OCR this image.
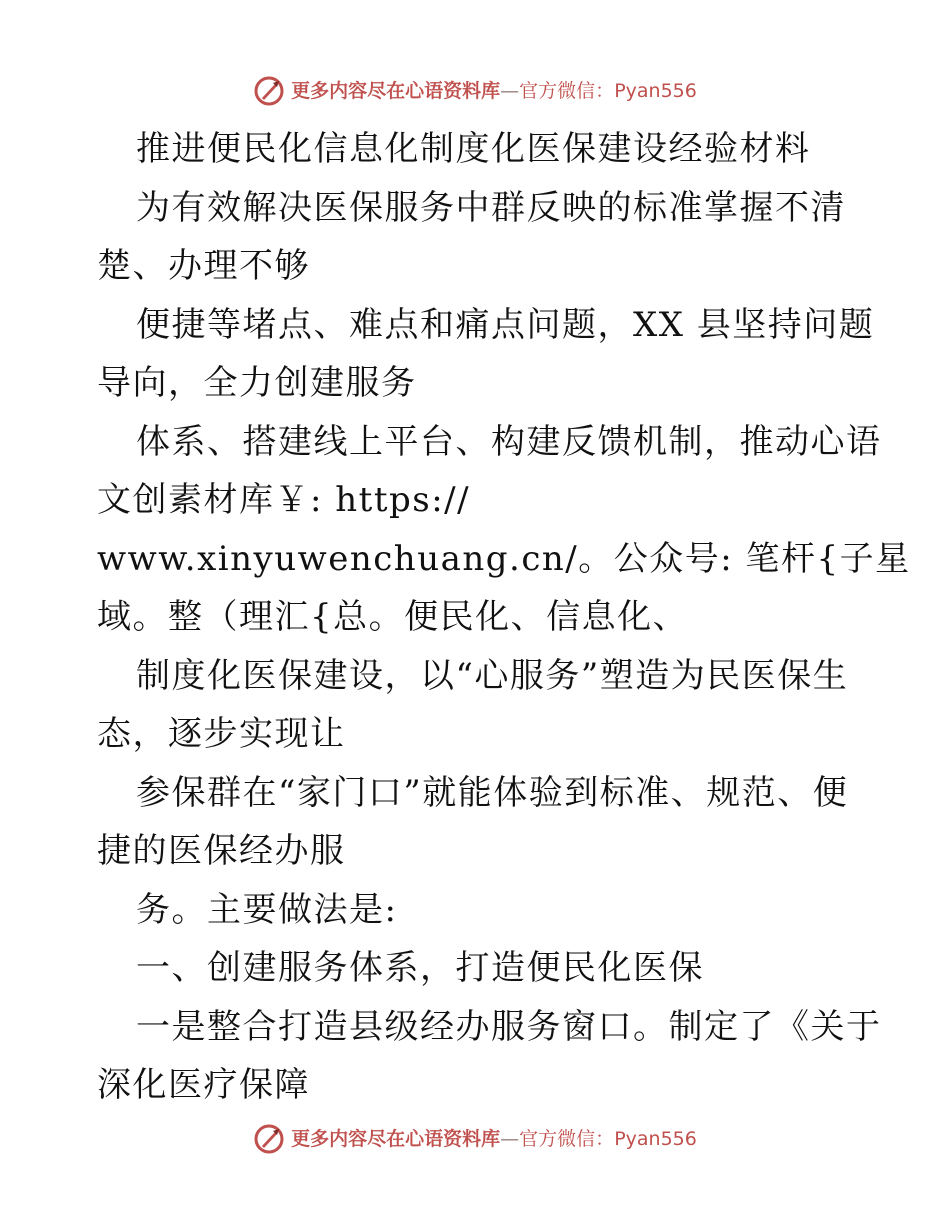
更多内容尽在心语资料库 — 官方微信： Pyan556
推进便民化信息化制度化医保建设经验材料
为有效解决医保服务中群反映的标准掌握不清
楚、办理不够
便捷等堵点、难点和痛点问题，XX 县坚持问题
导向，全力创建服务
体系、搭建线上平台、构建反馈机制，推动心语
文创素材库￥: https://
www.xinyuwenchuang.cn/。公众号: 笔杆{子星
域。整（理汇{总。便民化、信息化、
制度化医保建设，以“心服务”塑造为民医保生
态，逐步实现让
参保群在“家门口”就能体验到标准、规范、便
捷的医保经办服
务。主要做法是:
一、创建服务体系，打造便民化医保
一是整合打造县级经办服务窗口。制定了《关于
深化医疗保障
更多内容尽在心语资料库 — 官方微信： Pyan556
